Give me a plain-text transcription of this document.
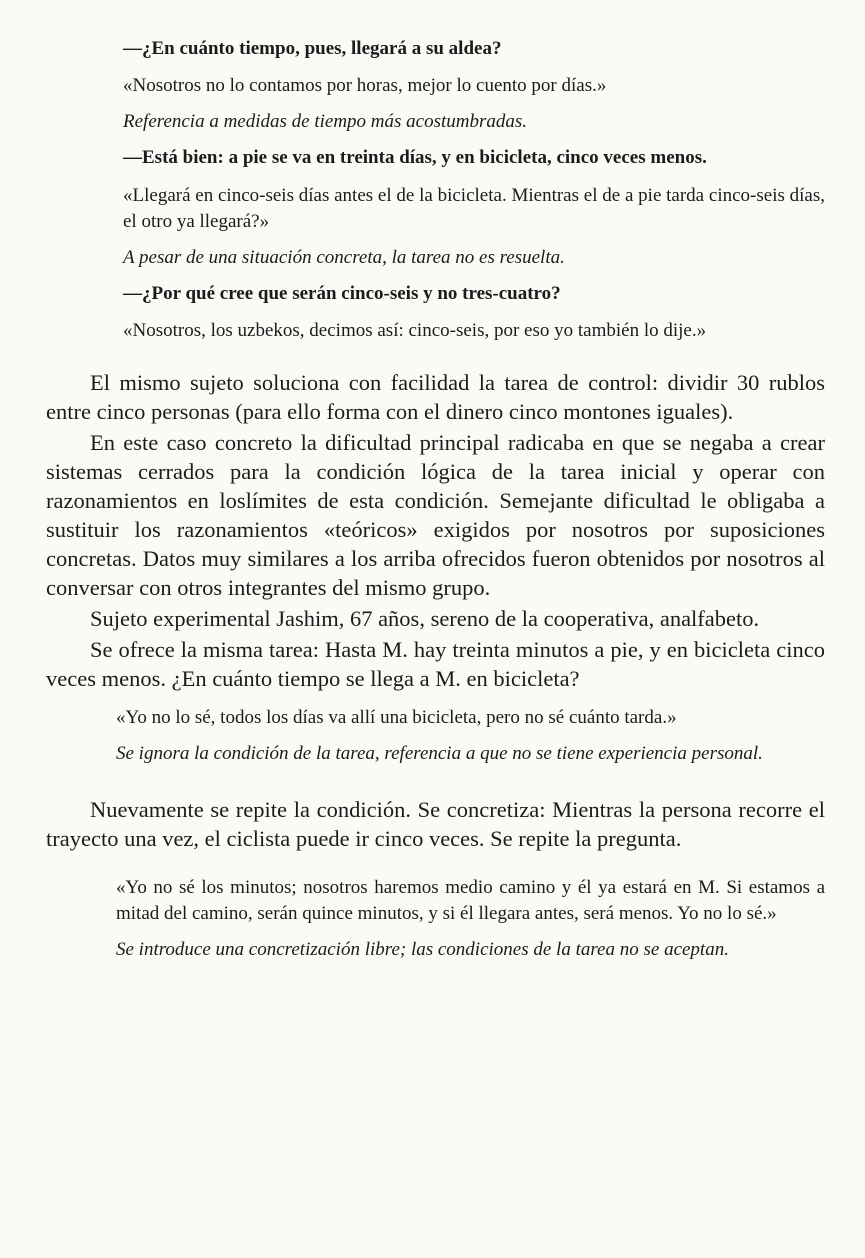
—¿En cuánto tiempo, pues, llegará a su aldea?

«Nosotros no lo contamos por horas, mejor lo cuento por días.»

Referencia a medidas de tiempo más acostumbradas.

—Está bien: a pie se va en treinta días, y en bicicleta, cinco veces menos.

«Llegará en cinco-seis días antes el de la bicicleta. Mientras el de a pie tarda cinco-seis días, el otro ya llegará?»

A pesar de una situación concreta, la tarea no es resuelta.

—¿Por qué cree que serán cinco-seis y no tres-cuatro?

«Nosotros, los uzbekos, decimos así: cinco-seis, por eso yo también lo dije.»

El mismo sujeto soluciona con facilidad la tarea de control: dividir 30 rublos entre cinco personas (para ello forma con el dinero cinco montones iguales).

En este caso concreto la dificultad principal radicaba en que se negaba a crear sistemas cerrados para la condición lógica de la tarea inicial y operar con razonamientos en loslímites de esta condición. Semejante dificultad le obligaba a sustituir los razonamientos «teóricos» exigidos por nosotros por suposiciones concretas. Datos muy similares a los arriba ofrecidos fueron obtenidos por nosotros al conversar con otros integrantes del mismo grupo.

Sujeto experimental Jashim, 67 años, sereno de la cooperativa, analfabeto.

Se ofrece la misma tarea: Hasta M. hay treinta minutos a pie, y en bicicleta cinco veces menos. ¿En cuánto tiempo se llega a M. en bicicleta?

«Yo no lo sé, todos los días va allí una bicicleta, pero no sé cuánto tarda.»

Se ignora la condición de la tarea, referencia a que no se tiene experiencia personal.

Nuevamente se repite la condición. Se concretiza: Mientras la persona recorre el trayecto una vez, el ciclista puede ir cinco veces. Se repite la pregunta.

«Yo no sé los minutos; nosotros haremos medio camino y él ya estará en M. Si estamos a mitad del camino, serán quince minutos, y si él llegara antes, será menos. Yo no lo sé.»

Se introduce una concretización libre; las condiciones de la tarea no se aceptan.
